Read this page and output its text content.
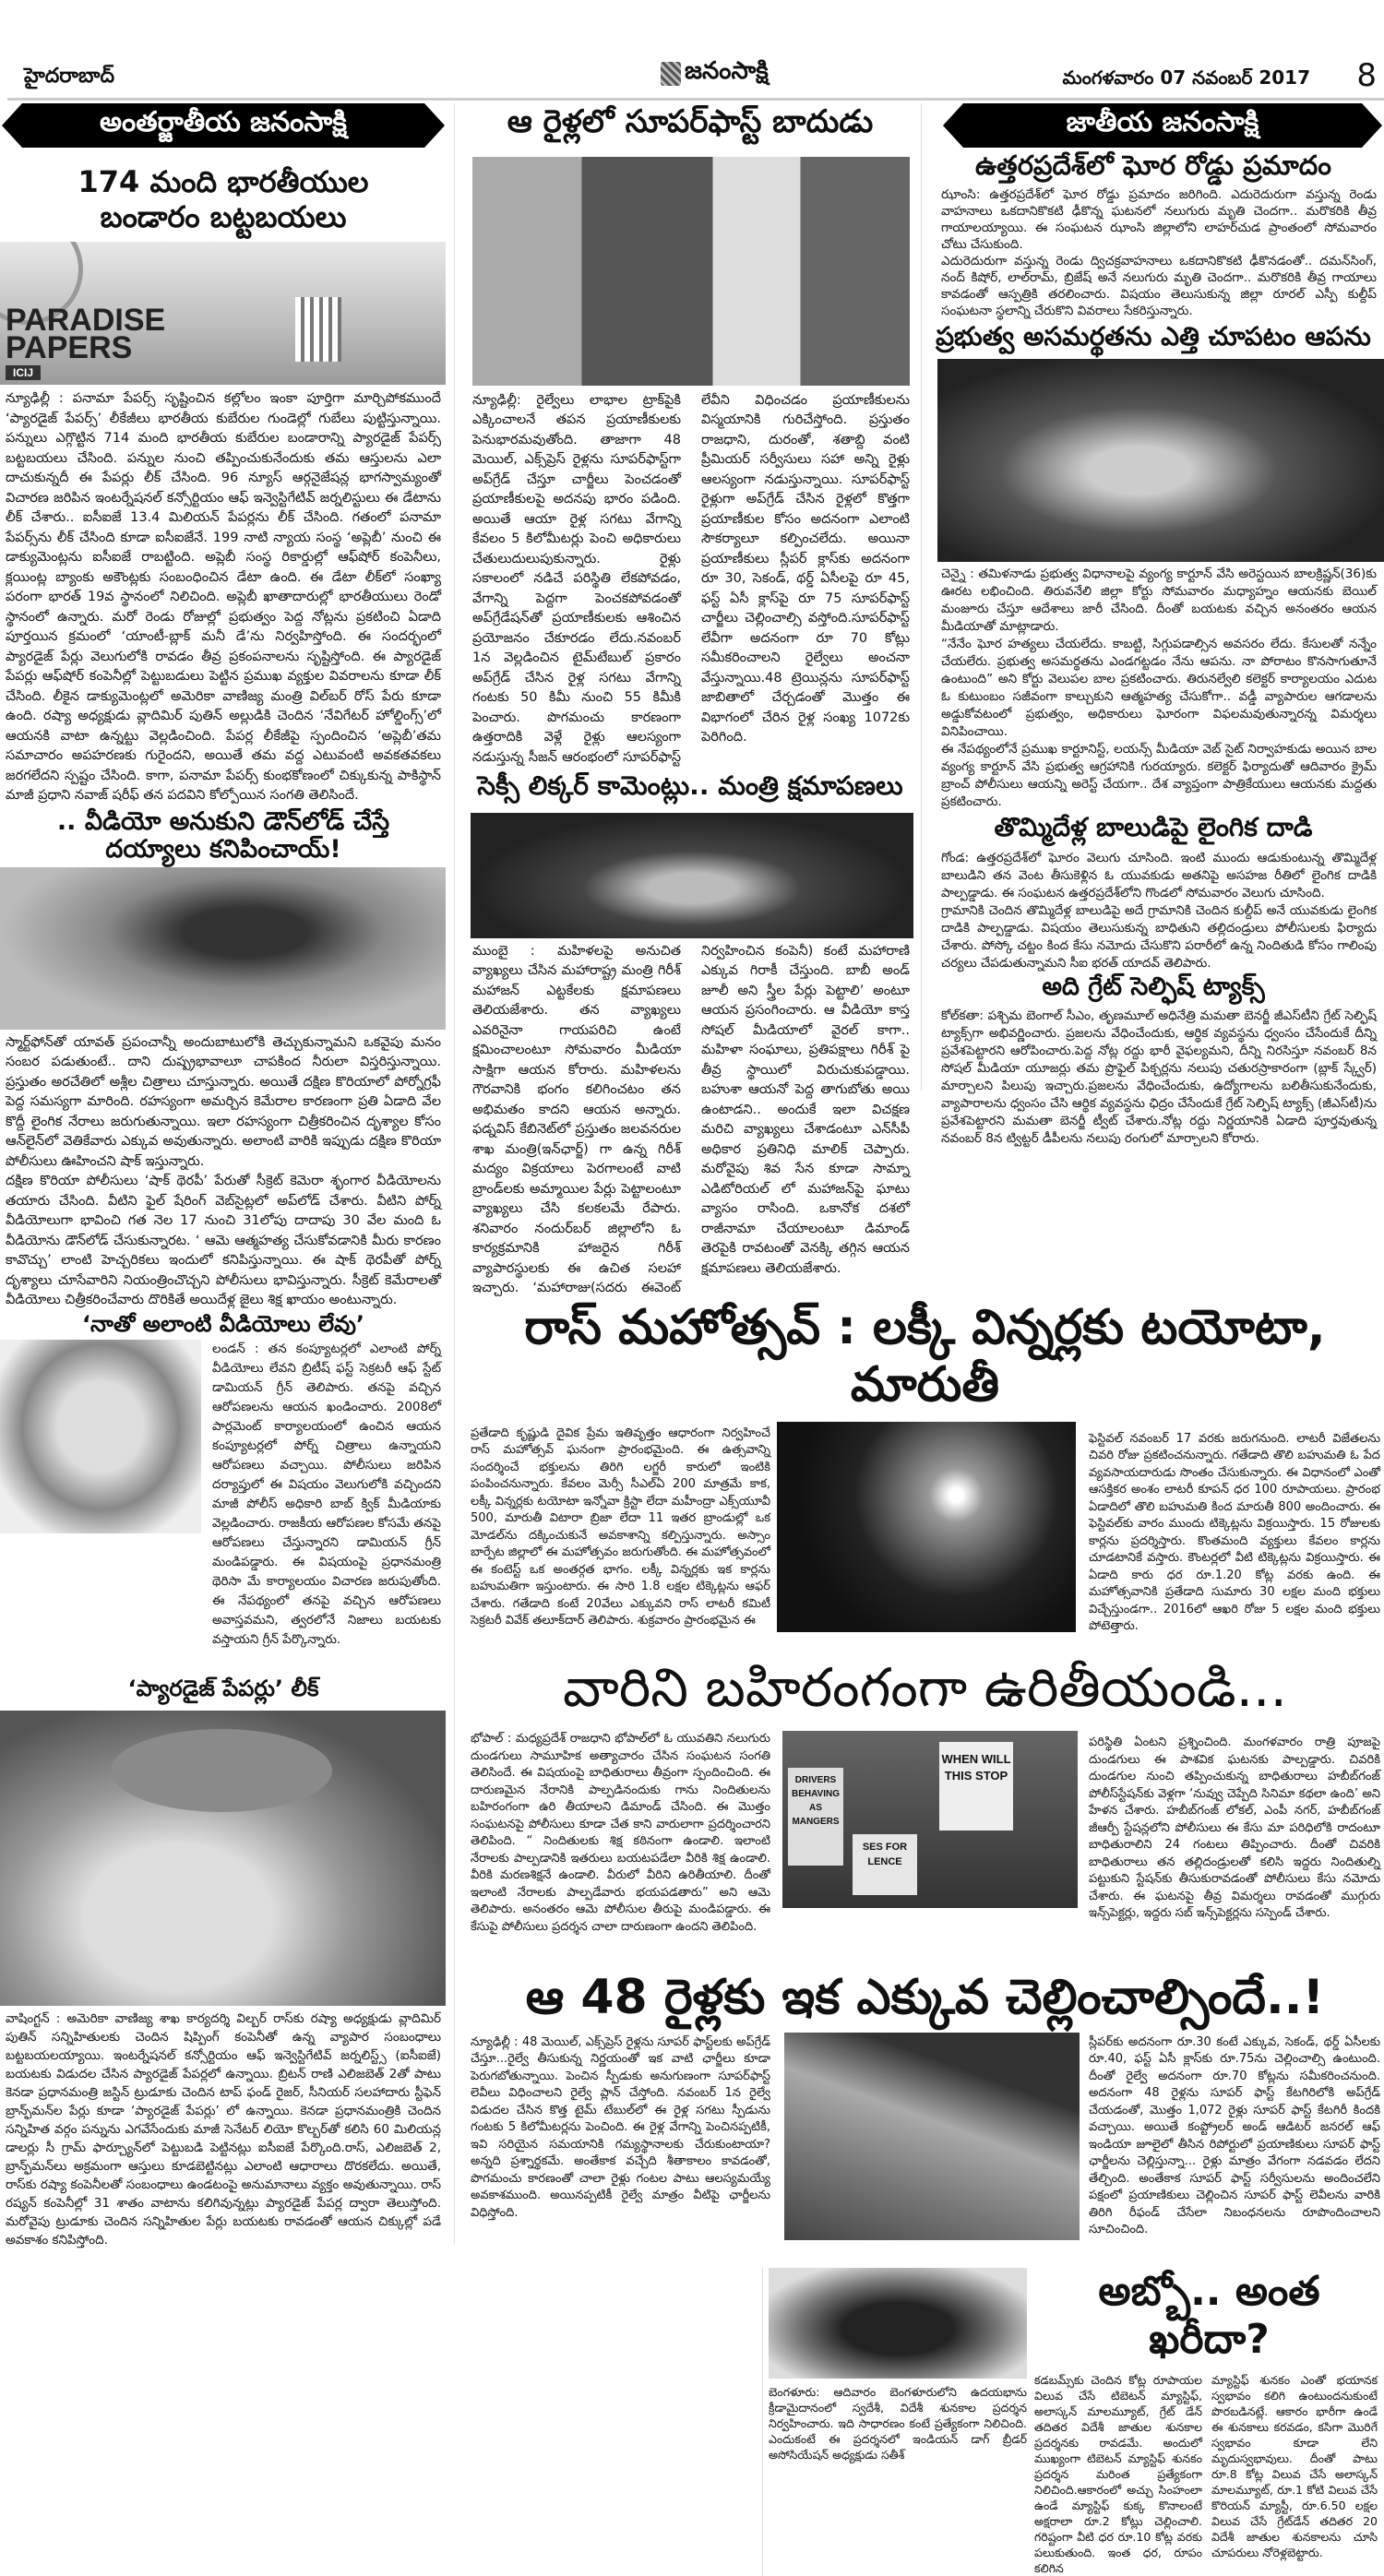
హైదరాబాద్	జనంసాక్షి	మంగళవారం 07 నవంబర్ 2017 8
అంతర్జాతీయ జనంసాక్షి
174 మంది భారతీయుల
బండారం బట్టబయలు
PARADISE
PAPERS
ICIJ
న్యూఢిల్లీ : పనామా పేపర్స్‌ సృష్టించిన కల్లోలం ఇంకా పూర్తిగా మార్చిపోకముందే ‘ప్యారడైజ్‌ పేపర్స్‌’ లీకేజీలు భారతీయ కుబేరుల గుండెల్లో గుబేలు పుట్టిస్తున్నాయి. పన్నులు ఎగ్గొట్టిన 714 మంది భారతీయ కుబేరుల బండారాన్ని ప్యారడైజ్‌ పేపర్స్‌ బట్టబయలు చేసింది. పన్నుల నుంచి తప్పించుకునేందుకు తమ ఆస్తులను ఎలా దాచుకున్నదీ ఈ పేపర్లు లీక్‌ చేసింది. 96 న్యూస్‌ ఆర్గనైజేషన్ల భాగస్వామ్యంతో విచారణ జరిపిన ఇంటర్నేషనల్‌ కన్సోర్టియం ఆఫ్‌ ఇన్వెస్టిగేటివ్‌ జర్నలిస్టులు ఈ డేటాను లీక్‌ చేశారు.. ఐసీఐజే 13.4 మిలియన్‌ పేపర్లను లీక్‌ చేసింది. గతంలో పనామా పేపర్స్‌ను లీక్‌ చేసింది కూడా ఐసీఐజేనే. 199 నాటి న్యాయ సంస్థ ‘అప్లెబీ’ నుంచి ఈ డాక్యుమెంట్లను ఐసీఐజే రాబట్టింది. అప్లెబీ సంస్థ రికార్డుల్లో ఆఫ్‌షోర్‌ కంపెనీలు, క్లయింట్ల బ్యాంకు అకౌంట్లకు సంబంధించిన డేటా ఉంది. ఈ డేటా లీక్‌లో సంఖ్యా పరంగా భారత్‌ 19వ స్థానంలో నిలిచింది. అప్లెబీ ఖాతాదారుల్లో భారతీయులు రెండో స్థానంలో ఉన్నారు. మరో రెండు రోజుల్లో ప్రభుత్వం పెద్ద నోట్లను ప్రకటించి ఏడాది పూర్తయిన క్రమంలో ‘యాంటీ-బ్లాక్‌ మనీ డే’ను నిర్వహిస్తోంది. ఈ సందర్భంలో ప్యారడైజ్‌ పేర్లు వెలుగులోకి రావడం తీవ్ర ప్రకంపనాలను సృష్టిస్తోంది. ఈ ప్యారడైజ్‌ పేపర్లు ఆఫ్‌షోర్‌ కంపెనీల్లో పెట్టుబడులు పెట్టిన ప్రముఖ వ్యక్తుల వివరాలను కూడా లీక్‌ చేసింది. లీకైన డాక్యుమెంట్లలో అమెరికా వాణిజ్య మంత్రి విల్‌బర్‌ రోస్‌ పేరు కూడా ఉంది. రష్యా అధ్యక్షుడు వ్లాదిమిర్‌ పుతిన్‌ అల్లుడికి చెందిన ‘నేవిగేటర్‌ హోల్డింగ్స్‌’లో ఆయనకి వాటా ఉన్నట్టు వెల్లడించింది. పేపర్ల లీకేజీపై స్పందించిన ‘అప్లెబీ’తమ సమాచారం అపహరణకు గురైందని, అయితే తమ వద్ద ఎటువంటి అవకతవకలు జరగలేదని స్పష్టం చేసింది. కాగా, పనామా పేపర్స్‌ కుంభకోణంలో చిక్కుకున్న పాకిస్థాన్‌ మాజీ ప్రధాని నవాజ్‌ షరీఫ్‌ తన పదవిని కోల్పోయిన సంగతి తెలిసిందే.
.. వీడియో అనుకుని డౌన్‌లోడ్‌ చేస్తే
దయ్యాలు కనిపించాయ్‌!

స్మార్ట్‌ఫోన్‌తో యావత్‌ ప్రపంచాన్నీ అందుబాటులోకి తెచ్చుకున్నామని ఒకవైపు మనం సంబర పడుతుంటే.. దాని దుష్ప్రభావాలూ చాపకింద నీరులా విస్తరిస్తున్నాయి. ప్రస్తుతం అరచేతిలో అశ్లీల చిత్రాలు చూస్తున్నారు. అయితే దక్షిణ కొరియాలో పోర్నోగ్రఫీ పెద్ద సమస్యగా మారింది. రహస్యంగా అమర్చిన కెమేరాల కారణంగా ప్రతి ఏడాది వేల కొద్దీ లైంగిక నేరాలు జరుగుతున్నాయి. ఇలా రహస్యంగా చిత్రీకరించిన దృశ్యాల కోసం ఆన్‌లైన్‌లో వెతికేవారు ఎక్కువ అవుతున్నారు. అలాంటి వారికి ఇప్పుడు దక్షిణ కొరియా పోలీసులు ఊహించని షాక్‌ ఇస్తున్నారు.

దక్షిణ కొరియా పోలీసులు ‘షాక్‌ థెరపీ’ పేరుతో సీక్రెట్‌ కెమెరా శృంగార వీడియోలను తయారు చేసింది. వీటిని ఫైల్‌ షేరింగ్‌ వెబ్‌సైట్లలో అప్‌లోడ్‌ చేశారు. వీటిని పోర్న్‌ వీడియోలుగా భావించి గత నెల 17 నుంచి 31లోపు దాదాపు 30 వేల మంది ఓ వీడియోను డౌన్‌లోడ్‌ చేసుకున్నారట. ‘ ఆమె ఆత్మహత్య చేసుకోవడానికి మీరు కారణం కావొచ్చు’ లాంటి హెచ్చరికలు ఇందులో కనిపిస్తున్నాయి. ఈ షాక్‌ థెరపీతో పోర్న్‌ దృశ్యాలు చూసేవారిని నియంత్రించొచ్చని పోలీసులు భావిస్తున్నారు. సీక్రెట్‌ కెమేరాలతో వీడియోలు చిత్రీకరించేవారు దొరికితే అయిదేళ్ల జైలు శిక్ష ఖాయం అంటున్నారు.

‘నాతో అలాంటి వీడియోలు లేవు’
లండన్‌ : తన కంప్యూటర్లలో ఎలాంటి పోర్న్‌ వీడియోలు లేవని బ్రిటీష్‌ ఫస్ట్‌ సెక్రటరీ ఆఫ్‌ స్టేట్‌ డామియన్‌ గ్రీన్‌ తెలిపారు. తనపై వచ్చిన ఆరోపణలను ఆయన ఖండించారు. 2008లో పార్లమెంట్‌ కార్యాలయంలో ఉంచిన ఆయన కంప్యూటర్లలో పోర్న్‌ చిత్రాలు ఉన్నాయని ఆరోపణలు వచ్చాయి. పోలీసులు జరిపిన దర్యాప్తులో ఈ విషయం వెలుగులోకి వచ్చిందని మాజీ పోలీస్‌ అధికారి బాబ్‌ క్విక్‌ మీడియాకు వెల్లడించారు. రాజకీయ ఆరోపణల కోసమే తనపై ఆరోపణలు చేస్తున్నారని డామియన్‌ గ్రీన్‌ మండిపడ్డారు. ఈ విషయంపై ప్రధానమంత్రి థెరిసా మే కార్యాలయం విచారణ జరుపుతోంది. ఈ నేపథ్యంలో తనపై వచ్చిన ఆరోపణలు అవాస్తవమని, త్వరలోనే నిజాలు బయటకు వస్తాయని గ్రీన్‌ పేర్కొన్నారు.
‘ప్యారడైజ్‌ పేపర్లు’ లీక్‌
వాషింగ్టన్‌ : అమెరికా వాణిజ్య శాఖ కార్యదర్శి విల్బర్‌ రాస్‌కు రష్యా అధ్యక్షుడు వ్లాదిమిర్‌ పుతిన్‌ సన్నిహితులకు చెందిన షిప్పింగ్‌ కంపెనీతో ఉన్న వ్యాపార సంబంధాలు బట్టబయలయ్యాయి. ఇంటర్నేషనల్‌ కన్సోర్టియం ఆఫ్‌ ఇన్వెస్టిగేటివ్‌ జర్నలిస్ట్స్‌ (ఐసీఐజే) బయటకు విడుదల చేసిన ప్యారడైజ్‌ పేపర్లలో ఉన్నాయి. బ్రిటన్‌ రాణి ఎలిజబెత్‌ 2తో పాటు కెనడా ప్రధానమంత్రి జస్టిన్‌ ట్రుడూకు చెందిన టాప్‌ ఫండ్‌ రైజర్‌, సీనియర్‌ సలహాదారు స్టీఫెన్‌ బ్రాన్ఫ్‌మన్‌ల పేర్లు కూడా ‘ప్యారడైజ్‌ పేపర్లు’ లో ఉన్నాయి. కెనడా ప్రధానమంత్రికి చెందిన సన్నిహిత వర్గం పన్నును ఎగవేసేందుకు మాజీ సెనేటర్‌ లియో కొల్బర్‌తో కలిసి 60 మిలియన్ల డాలర్లు సీ గ్రామ్‌ ఫార్చ్యూన్‌లో పెట్టుబడి పెట్టినట్లు ఐసీఐజే పేర్కొంది.రాస్‌, ఎలిజబెత్‌ 2, బ్రాన్ఫ్‌మన్‌లు అక్రమంగా ఆస్తులు కూడబెట్టినట్లు ఎలాంటి ఆధారాలు దొరకలేదు. అయితే, రాస్‌కు రష్యా కంపెనీలతో సంబంధాలు ఉండటంపై అనుమానాలు వ్యక్తం అవుతున్నాయి. రాస్‌ రష్యన్‌ కంపెనీల్లో 31 శాతం వాటాను కలిగివున్నట్లు ప్యారడైజ్‌ పేపర్ల ద్వారా తెలుస్తోంది. మరోవైపు ట్రుడూకు చెందిన సన్నిహితుల పేర్లు బయటకు రావడంతో ఆయన చిక్కుల్లో పడే అవకాశం కనిపిస్తోంది.
ఆ రైళ్లలో సూపర్‌ఫాస్ట్‌ బాదుడు
న్యూఢిల్లీ: రైల్వేలు లాభాల ట్రాక్‌పైకి ఎక్కించాలనే తపన ప్రయాణీకులకు పెనుభారమవుతోంది. తాజాగా 48 మెయిల్‌, ఎక్స్‌ప్రెస్‌ రైళ్లను సూపర్‌ఫాస్ట్‌గా అప్‌గ్రేడ్‌ చేస్తూ చార్జీలు పెంచడంతో ప్రయాణీకులపై అదనపు భారం పడింది. అయితే ఆయా రైళ్ల సగటు వేగాన్ని కేవలం 5 కిలోమీటర్లు పెంచి అధికారులు చేతులుదులుపుకున్నారు. రైళ్లు సకాలంలో నడిచే పరిస్థితి లేకపోవడం, వేగాన్ని పెద్దగా పెంచకపోవడంతో అప్‌గ్రేడేషన్‌తో ప్రయాణీకులకు ఆశించిన ప్రయోజనం చేకూరడం లేదు.నవంబర్‌ 1న వెల్లడించిన టైమ్‌టేబుల్‌ ప్రకారం అప్‌గ్రేడ్‌ చేసిన రైళ్ల సగటు వేగాన్ని గంటకు 50 కిమీ నుంచి 55 కిమీకి పెంచారు. పొగమంచు కారణంగా ఉత్తరాదికి వెళ్లే రైళ్లు ఆలస్యంగా నడుస్తున్న సీజన్‌ ఆరంభంలో సూపర్‌ఫాస్ట్‌ లేవీని విధించడం ప్రయాణీకులను విస్మయానికి గురిచేస్తోంది. ప్రస్తుతం రాజధాని, దురంతో, శతాబ్ది వంటి ప్రీమియర్‌ సర్వీసులు సహా అన్ని రైళ్లు ఆలస్యంగా నడుస్తున్నాయి. సూపర్‌ఫాస్ట్‌ రైళ్లుగా అప్‌గ్రేడ్‌ చేసిన రైళ్లలో కొత్తగా ప్రయాణీకుల కోసం అదనంగా ఎలాంటి సౌకర్యాలూ కల్పించలేదు. అయినా ప్రయాణీకులు స్లీపర్‌ క్లాస్‌కు అదనంగా రూ 30, సెకండ్‌, థర్డ్‌ ఏసీలపై రూ 45, ఫస్ట్‌ ఏసీ క్లాస్‌పై రూ 75 సూపర్‌ఫాస్ట్‌ చార్జీలు చెల్లించాల్సి వస్తోంది.సూపర్‌ఫాస్ట్‌ లేవీగా అదనంగా రూ 70 కోట్లు సమీకరించాలని రైల్వేలు అంచనా వేస్తున్నాయి.48 ట్రెయిన్లను సూపర్‌ఫాస్ట్‌ జాబితాలో చేర్చడంతో మొత్తం ఈ విభాగంలో చేరిన రైళ్ల సంఖ్య 1072కు పెరిగింది.
సెక్సీ లిక్కర్‌ కామెంట్లు.. మంత్రి క్షమాపణలు
ముంబై : మహిళలపై అనుచిత వ్యాఖ్యలు చేసిన మహారాష్ట్ర మంత్రి గిరీశ్‌ మహాజన్‌ ఎట్టకేలకు క్షమాపణలు తెలియజేశారు. తన వ్యాఖ్యలు ఎవరినైనా గాయపరిచి ఉంటే క్షమించాలంటూ సోమవారం మీడియా సాక్షిగా ఆయన కోరారు. మహిళలను గౌరవానికి భంగం కలిగించటం తన అభిమతం కాదని ఆయన అన్నారు. ఫడ్నవిస్‌ కేబినెట్‌లో ప్రస్తుతం జలవనరుల శాఖ మంత్రి(ఇన్‌ఛార్జ్‌) గా ఉన్న గిరీశ్‌ మద్యం విక్రయాలు పెరగాలంటే వాటి బ్రాండ్‌లకు అమ్మాయిల పేర్లు పెట్టాలంటూ వ్యాఖ్యలు చేసి కలకలమే రేపారు. శనివారం నందుర్‌బర్‌ జిల్లాలోని ఓ కార్యక్రమానికి హాజరైన గిరీశ్‌ వ్యాపారస్థులకు ఈ ఉచిత సలహా ఇచ్చారు. ‘మహారాజు(సదరు ఈవెంట్‌ నిర్వహించిన కంపెనీ) కంటే మహారాణి ఎక్కువ గిరాకీ చేస్తుంది. బాబీ అండ్‌ జూలీ అని స్త్రీల పేర్లు పెట్టాలి’ అంటూ ఆయన ప్రసంగించారు. ఆ వీడియో కాస్త సోషల్‌ మీడియాలో వైరల్‌ కాగా.. మహిళా సంఘాలు, ప్రతిపక్షాలు గిరీశ్‌ పై తీవ్ర స్థాయిలో విరుచుకుపడ్డాయి. బహుశా ఆయనో పెద్ద తాగుబోతు అయి ఉంటాడని.. అందుకే ఇలా విచక్షణ మరిచి వ్యాఖ్యలు చేశాడంటూ ఎన్‌సీపీ అధికార ప్రతినిధి మాలిక్‌ చెప్పారు. మరోవైపు శివ సేన కూడా సామ్నా ఎడిటోరియల్‌ లో మహాజన్‌పై ఘాటు వ్యాసం రాసింది. ఒకానోక దశలో రాజీనామా చేయాలంటూ డిమాండ్‌ తెరపైకి రావటంతో వెనక్కి తగ్గిన ఆయన క్షమాపణలు తెలియజేశారు.
జాతీయ జనంసాక్షి
ఉత్తరప్రదేశ్‌లో ఘోర రోడ్డు ప్రమాదం

ఝాంసి: ఉత్తరప్రదేశ్‌లో ఘోర రోడ్డు ప్రమాదం జరిగింది. ఎదురెదురుగా వస్తున్న రెండు వాహనాలు ఒకదానికొకటి ఢీకొన్న ఘటనలో నలుగురు మృతి చెందగా.. మరొకరికి తీవ్ర గాయాలయ్యాయి. ఈ సంఘటన ఝాంసి జిల్లాలోని లాహర్‌చుడ ప్రాంతంలో సోమవారం చోటు చేసుకుంది.

ఎదురెదురుగా వస్తున్న రెండు ద్విచక్రవాహనాలు ఒకదానికొకటి ఢీకొనడంతో.. దమన్‌సింగ్‌, నంద్‌ కిషోర్‌, లాల్‌రామ్‌, బ్రిజేష్‌ అనే నలుగురు మృతి చెందగా.. మరొకరికి తీవ్ర గాయాలు కావడంతో ఆస్పత్రికి తరలించారు. విషయం తెలుసుకున్న జిల్లా రూరల్‌ ఎస్పీ కుల్దీప్‌ సంఘటనా స్థలాన్ని చేరుకొని వివరాలు సేకరిస్తున్నారు.

ప్రభుత్వ అసమర్థతను ఎత్తి చూపటం ఆపను

చెన్నై : తమిళనాడు ప్రభుత్వ విధానాలపై వ్యంగ్య కార్టూన్‌ వేసి అరెస్టయిన బాలక్రిష్ణన్‌(36)కు ఊరట లభించింది. తిరువనేలి జిల్లా కోర్టు సోమవారం మధ్యాహ్నం ఆయనకు బెయిల్‌ మంజూరు చేస్తూ ఆదేశాలు జారీ చేసింది. దీంతో బయటకు వచ్చిన అనంతరం ఆయన మీడియాతో మాట్లాడారు.

“నేనేం ఘోర హత్యలు చేయలేదు. కాబట్టి, సిగ్గుపడాల్సిన అవసరం లేదు. కేసులతో నన్నేం చేయలేరు. ప్రభుత్వ అసమర్థతను ఎండగట్టడం నేను ఆపను. నా పోరాటం కొనసాగుతూనే ఉంటుంది” అని కోర్టు వెలుపల బాల ప్రకటించారు. తిరునల్వేలి కలెక్టర్‌ కార్యాలయం ఎదుట ఓ కుటుంబం సజీవంగా కాల్చుకుని ఆత్మహత్య చేసుకోగా.. వడ్డీ వ్యాపారుల ఆగడాలను అడ్డుకోవటంలో ప్రభుత్వం, అధికారులు ఘోరంగా విఫలమవుతున్నారన్న విమర్శలు వినిపించాయి.

ఈ నేపథ్యంలోనే ప్రముఖ కార్టూనిస్ట్‌, లయన్స్‌ మీడియా వెబ్‌ సైట్‌ నిర్వాహకుడు అయిన బాల వ్యంగ్య కార్టూన్‌ వేసి ప్రభుత్వ ఆగ్రహానికి గురయ్యారు. కలెక్టర్‌ ఫిర్యాదుతో ఆదివారం క్రైమ్‌ బ్రాంచ్‌ పోలీసులు ఆయన్ని అరెస్ట్‌ చేయగా.. దేశ వ్యాప్తంగా పాత్రికేయులు ఆయనకు మద్దతు ప్రకటించారు.

తొమ్మిదేళ్ల బాలుడిపై లైంగిక దాడి

గోండ: ఉత్తరప్రదేశ్‌లో ఘోరం వెలుగు చూసింది. ఇంటి ముందు ఆడుకుంటున్న తొమ్మిదేళ్ల బాలుడిని తన వెంట తీసుకెళ్లిన ఓ యువకుడు అతనిపై అసహజ రీతిలో లైంగిక దాడికి పాల్పడ్డాడు. ఈ సంఘటన ఉత్తరప్రదేశ్‌లోని గొండలో సోమవారం వెలుగు చూసింది.

గ్రామానికి చెందిన తొమ్మిదేళ్ల బాలుడిపై అదే గ్రామానికి చెందిన కుల్దీప్‌ అనే యువకుడు లైంగిక దాడికి పాల్పడ్డాడు. విషయం తెలుసుకున్న బాధితుని తల్లిదండ్రులు పోలీసులకు ఫిర్యాదు చేశారు. పోస్కో చట్టం కింద కేసు నమోదు చేసుకొని పరారీలో ఉన్న నిందితుడి కోసం గాలింపు చర్యలు చేపడుతున్నామని సీఐ భరత్‌ యాదవ్‌ తెలిపారు.

అది గ్రేట్‌ సెల్ఫిష్‌ ట్యాక్స్‌
కోల్‌కతా: పశ్చిమ బెంగాల్‌ సీఎం, తృణమూల్‌ అధినేత్రి మమతా బెనర్జీ జీఎస్‌టీని గ్రేట్‌ సెల్ఫిష్‌ ట్యాక్స్‌గా అభివర్ణించారు. ప్రజలను వేధించేందుకు, ఆర్థిక వ్యవస్థను ధ్వంసం చేసేందుకే దీన్ని ప్రవేశపెట్టారని ఆరోపించారు.పెద్ద నోట్ల రద్దు భారీ వైఫల్యమని, దీన్ని నిరసిస్తూ నవంబర్‌ 8న సోషల్‌ మీడియా యూజర్లు తమ ప్రొఫైల్‌ పిక్చర్లను నలుపు చతురస్రాకారంగా (బ్లాక్‌ స్క్వేర్‌) మార్చాలని పిలుపు ఇచ్చారు.ప్రజలను వేధించేందుకు, ఉద్యోగాలను బలితీసుకునేందుకు, వ్యాపారాలను ధ్వంసం చేసి ఆర్థిక వ్యవస్థను ఛిద్రం చేసేందుకే గ్రేట్‌ సెల్ఫిష్‌ ట్యాక్స్‌ (జీఎస్‌టీ)ను ప్రవేశపెట్టారని మమతా బెనర్జీ ట్వీట్‌ చేశారు.నోట్ల రద్దు నిర్ణయానికి ఏడాది పూర్తవుతున్న నవంబర్‌ 8న ట్విట్టర్‌ డీపీలను నలుపు రంగులో మార్చాలని కోరారు.
రాస్‌ మహోత్సవ్‌ : లక్కీ విన్నర్లకు టయోటా, మారుతీ
ప్రతేడాది కృష్ణుడి దైవిక ప్రేమ ఇతివృత్తం ఆధారంగా నిర్వహించే రాస్‌ మహోత్సవ్‌ ఘనంగా ప్రారంభమైంది. ఈ ఉత్సవాన్ని సందర్శించే భక్తులను తిరిగి లగ్జరీ కారులో ఇంటికి పంపించనున్నారు. కేవలం మెర్సీ సీఎల్‌ఏ 200 మాత్రమే కాక, లక్కీ విన్నర్లకు టయోటా ఇన్నోవా క్రిస్టా లేదా మహీంద్రా ఎక్స్‌యూవీ 500, మారుతీ విటారా బ్రిజా లేదా 11 ఇతర బ్రాండుల్లో ఒక మోడల్‌ను దక్కించుకునే అవకాశాన్ని కల్పిస్తున్నారు. అస్సాం బార్పేట జిల్లాలో ఈ మహోత్సవం జరుగుతోంది. ఈ మహోత్సవంలో ఈ కంటెస్ట్‌ ఒక అంతర్గత భాగం. లక్కీ విన్నర్లకు ఇక కార్లను బహుమతిగా ఇస్తుంటారు. ఈ సారి 1.8 లక్షల టిక్కెట్లను ఆఫర్‌ చేశారు. గతేడాది కంటే 20వేలు ఎక్కువని రాస్‌ లాటరీ కమిటీ సెక్రటరీ వివేక్‌ తలూక్‌దార్‌ తెలిపారు. శుక్రవారం ప్రారంభమైన ఈ
ఫెస్టివల్‌ నవంబర్‌ 17 వరకు జరుగనుంది. లాటరీ విజేతలను చివరి రోజు ప్రకటించనున్నారు. గతేడాది తొలి బహుమతి ఓ పేద వ్యవసాయదారుడు సొంతం చేసుకున్నారు. ఈ విధానంలో ఎంతో ఆసక్తికర అంశం లాటరీ కూపన్‌ ధర 100 రూపాయలు. ప్రారంభ ఏడాదిలో తొలి బహుమతి కింద మారుతీ 800 అందించారు. ఈ ఫెస్టివల్‌కు వారం ముందు టిక్కెట్లను విక్రయిస్తారు. 15 రోజులకు కార్లను ప్రదర్శిస్తారు. కొంతమంది వ్యక్తులు కేవలం కార్లను చూడటానికే వస్తారు. కౌంటర్లలో వీటి టిక్కెట్లను విక్రయిస్తారు. ఈ ఏడాది కారు ధర రూ.1.20 కోట్ల వరకు ఉంది. ఈ మహోత్సవానికి ప్రతేడాది సుమారు 30 లక్షల మంది భక్తులు విచ్చేస్తుండగా.. 2016లో ఆఖరి రోజు 5 లక్షల మంది భక్తులు పోటెత్తారు.
వారిని బహిరంగంగా ఉరితీయండి...
భోపాల్‌ : మధ్యప్రదేశ్‌ రాజధాని భోపాల్‌లో ఓ యువతిని నలుగురు దుండగులు సామూహిక అత్యాచారం చేసిన సంఘటన సంగతి తెలిసిందే. ఈ విషయంపై బాధితురాలు తీవ్రంగా స్పందించింది. ఈ దారుణమైన నేరానికి పాల్పడినందుకు గాను నిందితులను బహిరంగంగా ఉరి తీయాలని డిమాండ్‌ చేసింది. ఈ మొత్తం సంఘటనపై పోలీసులు కూడా చేత కాని వారులాగా ప్రదర్శించారని తెలిపింది. “ నిందితులకు శిక్ష కఠినంగా ఉండాలి. ఇలాంటి నేరాలకు పాల్పడానికి ఇతరులు బయటపడేలా వీరికి శిక్ష ఉండాలి. వీరికి మరణశిక్షనే ఉండాలి. వీరులో వీరిని ఉరితీయాలి. దీంతో ఇలాంటి నేరాలకు పాల్పడేవారు భయపడతారు” అని ఆమె తెలిపారు. అనంతరం ఆమె పోలీసుల తీరుపై మండిపడ్డారు. ఈ కేసుపై పోలీసులు ప్రదర్శన చాలా దారుణంగా ఉందని తెలిపింది.
WHEN WILL THIS STOP
DRIVERS BEHAVING AS MANGERS
SES FOR LENCE
పరిస్థితి ఏంటని ప్రశ్నించింది. మంగళవారం రాత్రి పూజపై దుండగులు ఈ పాశవిక ఘటనకు పాల్పడ్డారు. చివరికి దుండగుల నుంచి తప్పించుకున్న బాధితురాలు హబీబ్‌గంజ్‌ పోలీస్‌స్టేషన్‌కు వెళ్లగా ‘నువ్వు చెప్పేది సినిమా కథలా ఉంది’ అని హేళన చేశారు. హబీబ్‌గంజ్‌ లోకల్‌, ఎంపీ నగర్‌, హబీబ్‌గంజ్‌ జీఆర్పీ స్టేషన్లలోని పోలీసులు ఈ కేసు మా పరిధిలోకి రాదంటూ బాధితురాలిని 24 గంటలు తిప్పించారు. దీంతో చివరికి బాధితురాలు తన తల్లిదండ్రులతో కలిసి ఇద్దరు నిందితుల్ని పట్టుకుని స్టేషన్‌కు తీసుకురావడంతో పోలీసులు కేసు నమోదు చేశారు. ఈ ఘటనపై తీవ్ర విమర్శలు రావడంతో ముగ్గురు ఇన్స్‌పెక్టర్లు, ఇద్దరు సబ్‌ ఇన్స్‌పెక్టర్లను సస్పెండ్‌ చేశారు.
ఆ 48 రైళ్లకు ఇక ఎక్కువ చెల్లించాల్సిందే..!
న్యూఢిల్లీ : 48 మెయిల్‌, ఎక్స్‌ప్రెస్‌ రైళ్లను సూపర్‌ ఫాస్ట్‌లకు అప్‌గ్రేడ్‌ చేస్తూ...రైల్వే తీసుకున్న నిర్ణయంతో ఇక వాటి ఛార్జీలు కూడా పెరుగబోతున్నాయి. పెంచిన స్పీడుకు అనుగుణంగా సూపర్‌ఫాస్ట్‌ లెవీలు విధించాలని రైల్వే ప్లాన్‌ చేస్తోంది. నవంబర్‌ 1న రైల్వే విడుదల చేసిన కొత్త టైమ్‌ టేబుల్‌లో ఈ రైళ్ల సగటు స్పీడును గంటకు 5 కిలోమీటర్లను పెంచింది. ఈ రైళ్ల వేగాన్ని పెంచినప్పటికీ, ఇవి సరియైన సమయానికి గమ్యస్థానాలకు చేరుకుంటాయా? అన్నది ప్రశ్నార్థకమే. అంతేకాక వచ్చేది శీతాకాలం కావడంతో, పొగమంచు కారణంతో చాలా రైళ్లు గంటల పాటు ఆలస్యమయ్యే అవకాశముంది. అయినప్పటికీ రైల్వే మాత్రం వీటిపై ఛార్జీలను విధిస్తోంది.
స్లీపర్‌కు అదనంగా రూ.30 కంటే ఎక్కువ, సెకండ్‌, థర్డ్‌ ఏసీలకు రూ.40, ఫస్ట్‌ ఏసీ క్లాస్‌కు రూ.75ను చెల్లించాల్సి ఉంటుంది. దీంతో రైల్వే అదనంగా రూ.70 కోట్లను సమీకరించనుంది. అదనంగా 48 రైళ్లను సూపర్‌ ఫాస్ట్‌ కేటగిరిలోకి అప్‌గ్రేడ్‌ చేయడంతో, మొత్తం 1,072 రైళ్లు సూపర్‌ ఫాస్ట్‌ కేటగిరీ కిందకి వచ్చాయి. అయితే కంప్ట్రోలర్‌ అండ్‌ ఆడిటర్‌ జనరల్‌ ఆఫ్‌ ఇండియా జూలైలో తీసిన రిపోర్టులో ప్రయాణికులు సూపర్‌ ఫాస్ట్‌ ఛార్జీలను చెల్లిస్తున్నా... రైళ్లు మాత్రం వేగంగా నడవడం లేదని తేల్చింది. అంతేకాక సూపర్‌ ఫాస్ట్‌ సర్వీసులను అందించలేని పక్షంలో ప్రయాణికులు చెల్లించిన సూపర్‌ ఫాస్ట్‌ లెవీలను వారికి తిరిగి రీఫండ్‌ చేసేలా నిబంధనలను రూపొందించాలని సూచించింది.
బెంగళూరు: ఆదివారం బెంగళూరులోని ఉదయభాను క్రీడామైదానంలో స్వదేశీ, విదేశీ శునకాల ప్రదర్శన నిర్వహించారు. ఇది సాధారణం కంటే ప్రత్యేకంగా నిలిచింది. ఎందుకంటే ఈ ప్రదర్శనలో ఇండియన్‌ డాగ్‌ బ్రీడర్‌ అసోసియేషన్‌ అధ్యక్షుడు సతీశ్‌
అబ్బో.. అంత ఖరీదా?
కడబమ్స్‌కు చెందిన కోట్ల రూపాయల విలువ చేసే టిబెటన్‌ మ్యాస్టిఫ్‌, అలాస్కన్‌ మాలమ్యూట్‌, గ్రేట్‌ డేన్‌ తదితర విదేశీ జాతుల శునకాల ప్రదర్శనకు రావడమే. అందులో ముఖ్యంగా టిబెటన్‌ మ్యాస్టిఫ్‌ శునకం ప్రదర్శన మరింత ప్రత్యేకంగా నిలిచింది.ఆకారంలో అచ్చు సింహంలా ఉండే మ్యాస్టిఫ్‌ కుక్క కొనాలంటే అక్షరాలా రూ.2 కోట్లు చెల్లించాలి. గరిష్టంగా వీటి ధర రూ.10 కోట్ల వరకు పలుకుతుంది. ఇంత ధర, రూపం కలిగిన
మ్యాస్టిఫ్‌ శునకం ఎంతో భయానక స్వభావం కలిగి ఉంటుందనుకుంటే పొరబడినట్లే. ఆకారం భారీగా ఉండే ఈ శునకాలు కరవడం, కసిగా మొరిగే స్వభావం కూడా లేని మృదుస్వభావులు. దీంతో పాటు రూ.8 కోట్ల విలువ చేసే అలాస్కన్‌ మాలమ్యూట్‌, రూ.1 కోటి విలువ చేసే కొరియన్‌ మ్యాస్టీ, రూ.6.50 లక్షల విలువ చేసే గ్రేట్‌డేన్‌ తదితర 20 విదేశీ జాతుల శునకాలను చూసి చూపరులు నోరెళ్లబెట్టారు.
